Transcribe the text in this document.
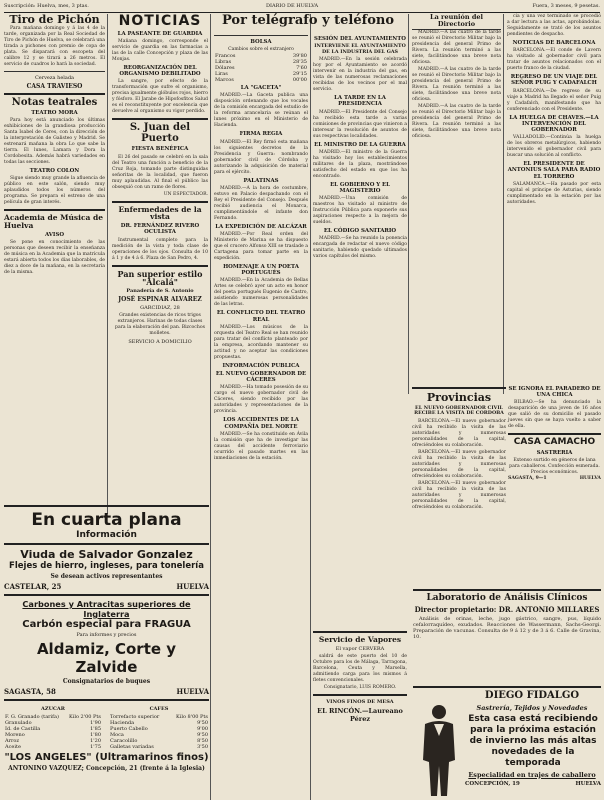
Suscripción: Huelva, mes, 3 ptas.	DIARIO DE HUELVA	Fuera, 3 meses, 9 pesetas.
Tiro de Pichón

Para mañana domingo y á las 4 de la tarde, organizada por la Real Sociedad de Tiro de Pichón de Huelva, se celebrará una tirada a pichones con premio de copa de plata. Se disparará con escopeta del calibre 12 y se tirará a 26 metros. El servicio de cuadros lo hará la sociedad.

Cerveza helada
CASA TRAVIESO
Notas teatrales
TEATRO MORA

Para hoy está anunciado los últimas exhibiciones de la grandiosa producción Santa Isabel de Ceres, con la dirección de la interpretación de Galisteo y Madrid. Se estrenará mañana la obra Lo que sabe la tierra. El lunes, Lamara y Dora la Cordobesita. Además habrá variedades en todas las secciones.

TEATRO COLON

Sigue siendo muy grande la afluencia de público en este salón, siendo muy aplaudidos todos los números del programa. Se prepara el estreno de una película de gran interés.

Academia de Música de Huelva
AVISO

Se pone en conocimiento de las personas que deseen recibir la enseñanza de música en la Academia que la matrícula estará abierta todos los días laborables, de diez a doce de la mañana, en la secretaría de la misma.

NOTICIAS
LA PASEANTE DE GUARDIA

Mañana domingo, corresponde el servicio de guardia en las farmacias a las de la calle Concepción y plaza de las Monjas.

REORGANIZACIÓN DEL ORGANISMO DEBILITADO

La sangre, por efecto de la transformación que sufre el organismo, precisa igualmente glóbulos rojos, hierro y fósforo. El Jarabe de Hipofosfitos Salud es el reconstituyente por excelencia que devuelve al organismo su vigor perdido.

S. Juan del Puerto
FIESTA BENÉFICA

El 26 del pasado se celebró en la sala del Teatro una función a beneficio de la Cruz Roja, tomando parte distinguidas señoritas de la localidad, que fueron muy aplaudidas. Al final el público las obsequió con un ramo de flores.

UN ESPECTADOR.
Enfermedades de la vista
DR. FERNÁNDEZ RIVERO OCULISTA

Instrumental completo para la medición de la vista y toda clase de operaciones de los ojos. Consulta de 10 á 1 y de 4 á 6. Plaza de San Pedro, 4.

Pan superior estilo "Alcalá"
Panadería de S. Antonio
JOSÉ ESPINAR ALVAREZ
GARCIDIAZ, 28
Grandes existencias de ricos trigos extranjeros. Harinas de todas clases para la elaboración del pan. Bizcochos molletes.
SERVICIO A DOMICILIO
Por telégrafo y teléfono
BOLSA
Cambios sobre el extranjero
Francos	39'80
Libras	28'35
Dólares	7'60
Liras	29'15
Marcos	00'00
LA "GACETA"

MADRID.—La Gaceta publica una disposición ordenando que los vocales de la comisión encargada del estudio de la reforma arancelaria se reúnan el lunes próximo en el Ministerio de Hacienda.

FIRMA REGIA

MADRID.—El Rey firmó esta mañana los siguientes decretos de la Presidencia y Guerra: nombrando gobernador civil de Córdoba y autorizando la adquisición de material para el ejército.

PALATINAS

MADRID.—A la hora de costumbre, estuvo en Palacio despachando con el Rey el Presidente del Consejo. Después recibió audiencia el Monarca, cumplimentándole el infante don Fernando.

LA EXPEDICIÓN DE ALCÁZAR

MADRID.—Por Real orden del Ministerio de Marina se ha dispuesto que el crucero Alfonso XIII se traslade a Cartagena para tomar parte en la expedición.

HOMENAJE A UN POETA PORTUGUÉS

MADRID.—En la Academia de Bellas Artes se celebró ayer un acto en honor del poeta portugués Eugenio de Castro, asistiendo numerosas personalidades de las letras.

EL CONFLICTO DEL TEATRO REAL

MADRID.—Los músicos de la orquesta del Teatro Real se han reunido para tratar del conflicto planteado por la empresa, acordando mantener su actitud y no aceptar las condiciones propuestas.

INFORMACIÓN PUBLICA
EL NUEVO GOBERNADOR DE CÁCERES

MADRID.—Ha tomado posesión de su cargo el nuevo gobernador civil de Cáceres, siendo recibido por las autoridades y representaciones de la provincia.

LOS ACCIDENTES DE LA COMPAÑÍA DEL NORTE

MADRID.—Se ha constituido en Ávila la comisión que ha de investigar las causas del accidente ferroviario ocurrido el pasado martes en las inmediaciones de la estación.

SESIÓN DEL AYUNTAMIENTO
INTERVIENE EL AYUNTAMIENTO DE LA INDUSTRIA DEL GAS

MADRID.—En la sesión celebrada hoy por el Ayuntamiento se acordó intervenir en la industria del gas, en vista de las numerosas reclamaciones recibidas de los vecinos por el mal servicio.

LA TARDE EN LA PRESIDENCIA

MADRID.—El Presidente del Consejo ha recibido esta tarde a varias comisiones de provincias que vinieron a interesar la resolución de asuntos de sus respectivas localidades.

EL MINISTRO DE LA GUERRA

MADRID.—El ministro de la Guerra ha visitado hoy los establecimientos militares de la plaza, mostrándose satisfecho del estado en que los ha encontrado.

EL GOBIERNO Y EL MAGISTERIO

MADRID.—Una comisión de maestros ha visitado al ministro de Instrucción Pública para exponerle sus aspiraciones respecto a la mejora de sueldos.

EL CÓDIGO SANITARIO

MADRID.—Se ha reunido la ponencia encargada de redactar el nuevo código sanitario, habiendo quedado ultimados varios capítulos del mismo.

Servicio de Vapores
El vapor CERVERA

saldrá de este puerto del 10 de Octubre para los de Málaga, Tarragona, Barcelona, Ceuta y Marsella, admitiendo carga para los mismos á fletes convencionales.

Consignatario, LUIS ROMERO.
VINOS FINOS DE MESA
EL RINCÓN.—Laureano Pérez
La reunión del Directorio

MADRID.—A las cuatro de la tarde se reunió el Directorio Militar bajo la presidencia del general Primo de Rivera. La reunión terminó a las siete, facilitándose una breve nota oficiosa.

MADRID.—A las cuatro de la tarde se reunió el Directorio Militar bajo la presidencia del general Primo de Rivera. La reunión terminó a las siete, facilitándose una breve nota oficiosa.

MADRID.—A las cuatro de la tarde se reunió el Directorio Militar bajo la presidencia del general Primo de Rivera. La reunión terminó a las siete, facilitándose una breve nota oficiosa.

cia y una vez terminado se procedió a dar lectura a las actas, aprobándolas. Seguidamente se trató de los asuntos pendientes de despacho.

NOTICIAS DE BARCELONA

BARCELONA.—El conde de Lavern ha visitado al gobernador civil para tratar de asuntos relacionados con el puerto franco de la ciudad.

REGRESO DE UN VIAJE DEL SEÑOR PUIG Y CADAFALCH

BARCELONA.—De regreso de su viaje a Madrid ha llegado el señor Puig y Cadafalch, manifestando que ha conferenciado con el Presidente.

LA HUELGA DE CHAVES.—LA INTERVENCIÓN DEL GOBERNADOR

VALLADOLID.—Continúa la huelga de los obreros metalúrgicos, habiendo intervenido el gobernador civil para buscar una solución al conflicto.

EL PRESIDENTE DE ANTONIUS SALA PARA RADIO EL TORRERO

SALAMANCA.—Ha pasado por esta capital el príncipe de Asturias, siendo cumplimentado en la estación por las autoridades.

Provincias
EL NUEVO GOBERNADOR CIVIL RECIBE LA VISITA DE CORDOBA

BARCELONA.—El nuevo gobernador civil ha recibido la visita de las autoridades y numerosas personalidades de la capital, ofreciéndoles su colaboración.

BARCELONA.—El nuevo gobernador civil ha recibido la visita de las autoridades y numerosas personalidades de la capital, ofreciéndoles su colaboración.

BARCELONA.—El nuevo gobernador civil ha recibido la visita de las autoridades y numerosas personalidades de la capital, ofreciéndoles su colaboración.

SE IGNORA EL PARADERO DE UNA CHICA

BILBAO.—Se ha denunciado la desaparición de una joven de 16 años que salió de su domicilio el pasado jueves sin que se haya vuelto a saber de ella.

CASA CAMACHO
SASTRERIA
Extenso surtido en géneros de lana para caballeros. Confección esmerada. Precios económicos.
SAGASTA, 9—1	HUELVA
Laboratorio de Análisis Clínicos
Director propietario: DR. ANTONIO MILLARES

Análisis de orinas, leche, jugo gástrico, sangre, pus, líquido cefalorraquídeo, exudados. Reacciones de Wassermann, Sachs-Georgi. Preparación de vacunas. Consulta de 9 á 12 y de 3 á 6. Calle de Gravina, 10.

DIEGO FIDALGO
Sastrería, Tejidos y Novedades
Esta casa está recibiendo para la próxima estación de invierno las más altas novedades de la temporada
Especialidad en trajes de caballero
CONCEPCIÓN, 19	HUELVA
En cuarta plana
Información
Viuda de Salvador Gonzalez
Flejes de hierro, ingleses, para tonelería
Se desean activos representantes
CASTELAR, 25	HUELVA
Carbones y Antracitas superiores de Inglaterra
Carbón especial para FRAGUA
Para informes y precios
Aldamiz, Corte y Zalvide
Consignatarios de buques
SAGASTA, 58	HUELVA
AZUCAR
F. G. Granado (tarifa)	Kilo 2'00 Pts
Granulado	1'90
Id. de Castilla	1'85
Moreno	1'80
Arroz	1'20
Aceite	1'75
CAFES
Torrefacto superior	Kilo 8'00 Pts
Hacienda	9'50
Puerto Cabello	9'00
Moca	9'50
Caracolillo	8'50
Galletas variadas	3'50
"LOS ANGELES" (Ultramarinos finos)
ANTONINO VAZQUEZ; Concepción, 21 (frente á la Iglesia)
